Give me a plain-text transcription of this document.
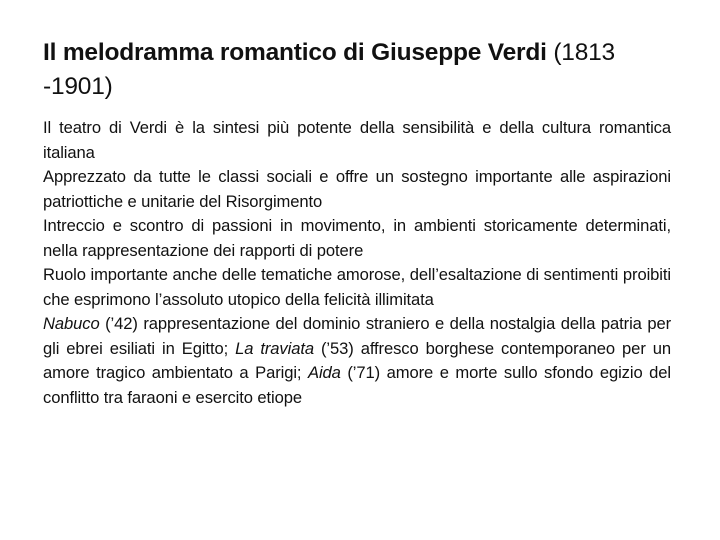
Il melodramma romantico di Giuseppe Verdi (1813 -1901)

Il teatro di Verdi è la sintesi più potente della sensibilità e della cultura romantica italiana

Apprezzato da tutte le classi sociali e offre un sostegno importante alle aspirazioni patriottiche e unitarie del Risorgimento

Intreccio e scontro di passioni in movimento, in ambienti storicamente determinati, nella rappresentazione dei rapporti di potere

Ruolo importante anche delle tematiche amorose, dell’esaltazione di sentimenti proibiti che esprimono l’assoluto utopico della felicità illimitata

Nabuco (’42) rappresentazione del dominio straniero e della nostalgia della patria per gli ebrei esiliati in Egitto; La traviata (’53) affresco borghese contemporaneo per un amore tragico ambientato a Parigi; Aida (’71) amore e morte sullo sfondo egizio del conflitto tra faraoni e esercito etiope
